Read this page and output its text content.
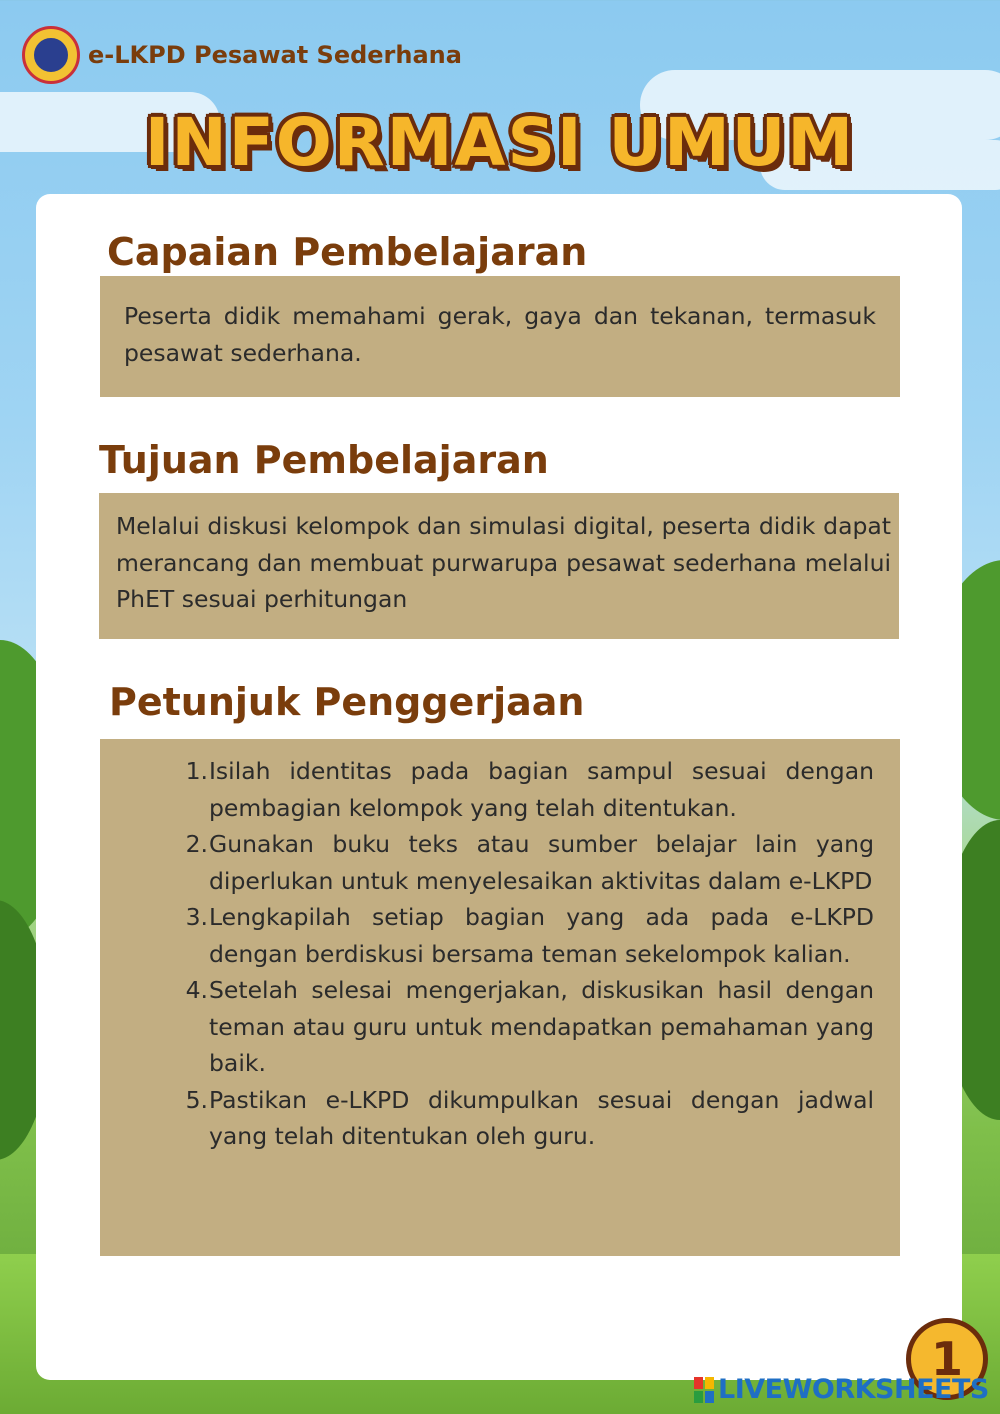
e-LKPD Pesawat Sederhana
INFORMASI UMUM
Capaian Pembelajaran

Peserta didik memahami gerak, gaya dan tekanan, termasuk pesawat sederhana.

Tujuan Pembelajaran

Melalui diskusi kelompok dan simulasi digital, peserta didik dapat merancang dan membuat purwarupa pesawat sederhana melalui PhET sesuai perhitungan

Petunjuk Penggerjaan
1. Isilah identitas pada bagian sampul sesuai dengan pembagian kelompok yang telah ditentukan.
2. Gunakan buku teks atau sumber belajar lain yang diperlukan untuk menyelesaikan aktivitas dalam e-LKPD
3. Lengkapilah setiap bagian yang ada pada e-LKPD dengan berdiskusi bersama teman sekelompok kalian.
4. Setelah selesai mengerjakan, diskusikan hasil dengan teman atau guru untuk mendapatkan pemahaman yang baik.
5. Pastikan e-LKPD dikumpulkan sesuai dengan jadwal yang telah ditentukan oleh guru.
1
LIVEWORKSHEETS
